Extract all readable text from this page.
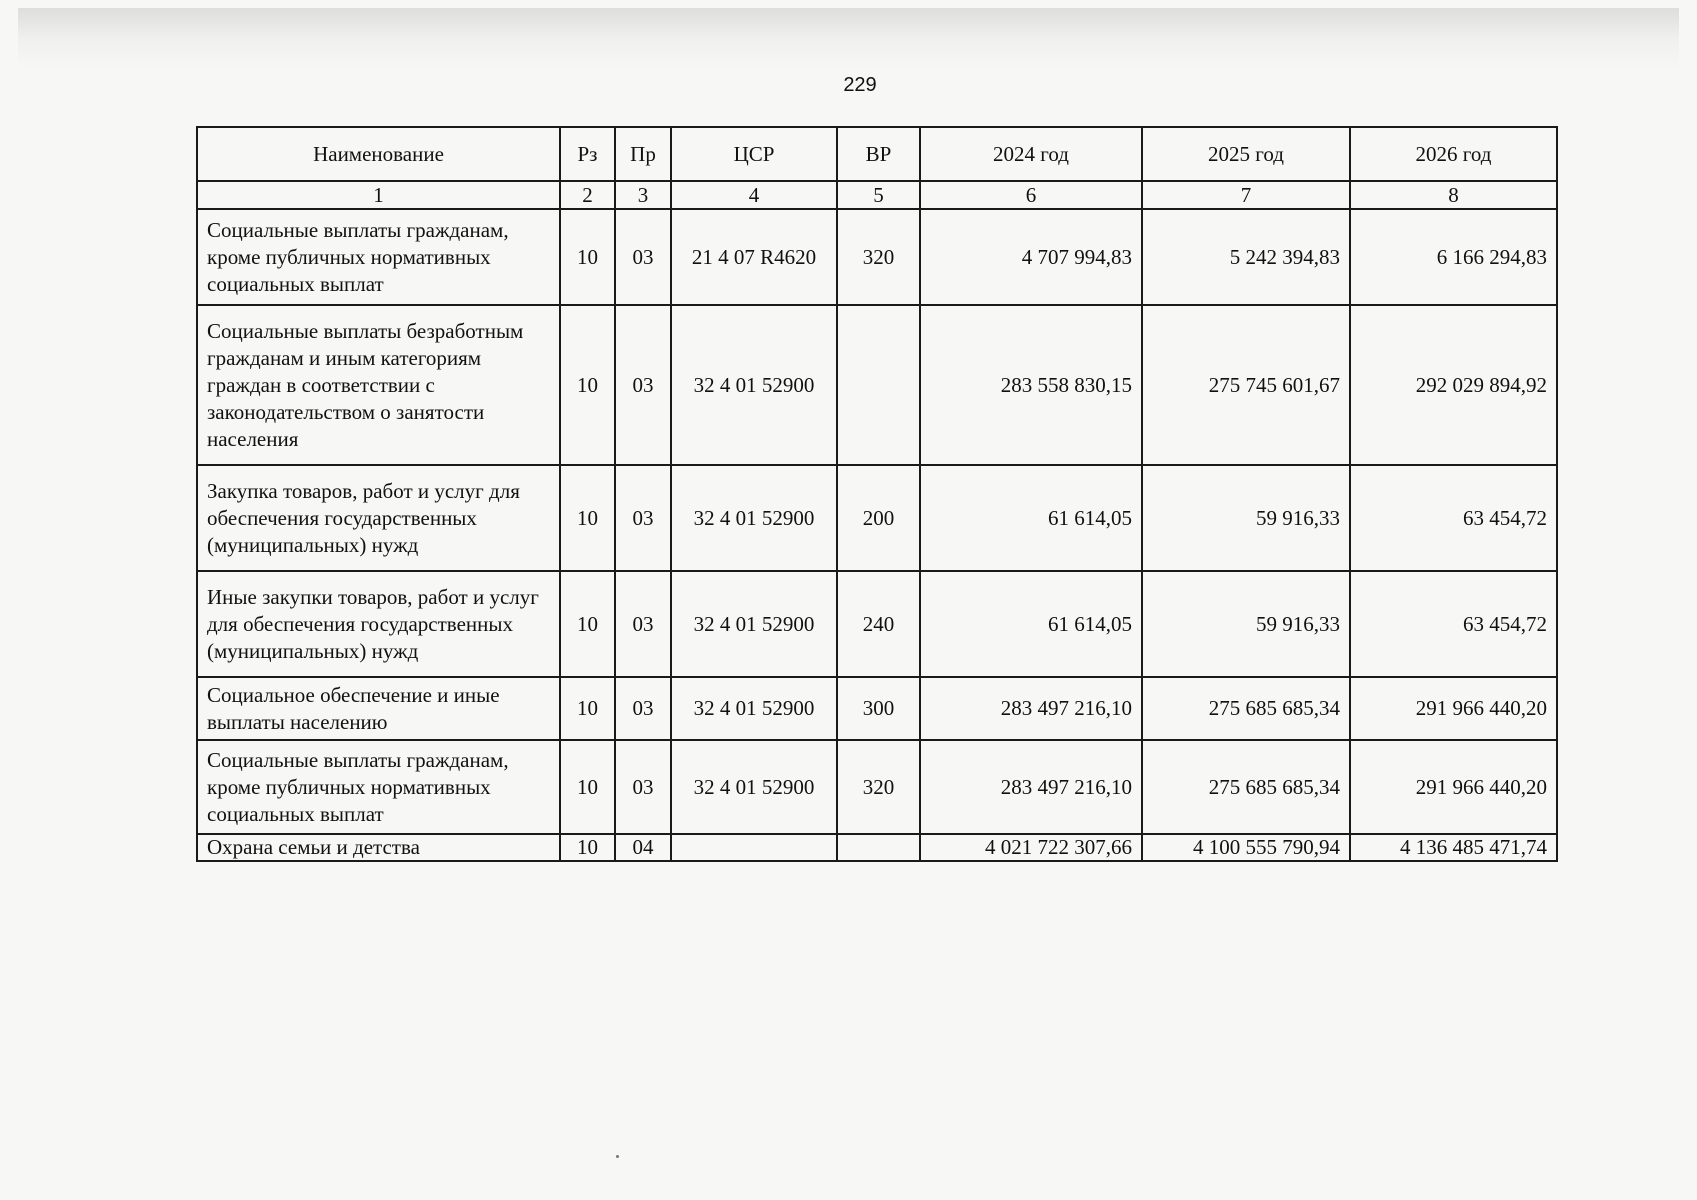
229
Наименование	Рз	Пр	ЦСР	ВР	2024 год	2025 год	2026 год
1	2	3	4	5	6	7	8
Социальные выплаты гражданам, кроме публичных нормативных социальных выплат	10	03	21 4 07 R4620	320	4 707 994,83	5 242 394,83	6 166 294,83
Социальные выплаты безработным гражданам и иным категориям граждан в соответствии с законодательством о занятости населения	10	03	32 4 01 52900		283 558 830,15	275 745 601,67	292 029 894,92
Закупка товаров, работ и услуг для обеспечения государственных (муниципальных) нужд	10	03	32 4 01 52900	200	61 614,05	59 916,33	63 454,72
Иные закупки товаров, работ и услуг для обеспечения государственных (муниципальных) нужд	10	03	32 4 01 52900	240	61 614,05	59 916,33	63 454,72
Социальное обеспечение и иные выплаты населению	10	03	32 4 01 52900	300	283 497 216,10	275 685 685,34	291 966 440,20
Социальные выплаты гражданам, кроме публичных нормативных социальных выплат	10	03	32 4 01 52900	320	283 497 216,10	275 685 685,34	291 966 440,20
Охрана семьи и детства	10	04			4 021 722 307,66	4 100 555 790,94	4 136 485 471,74
